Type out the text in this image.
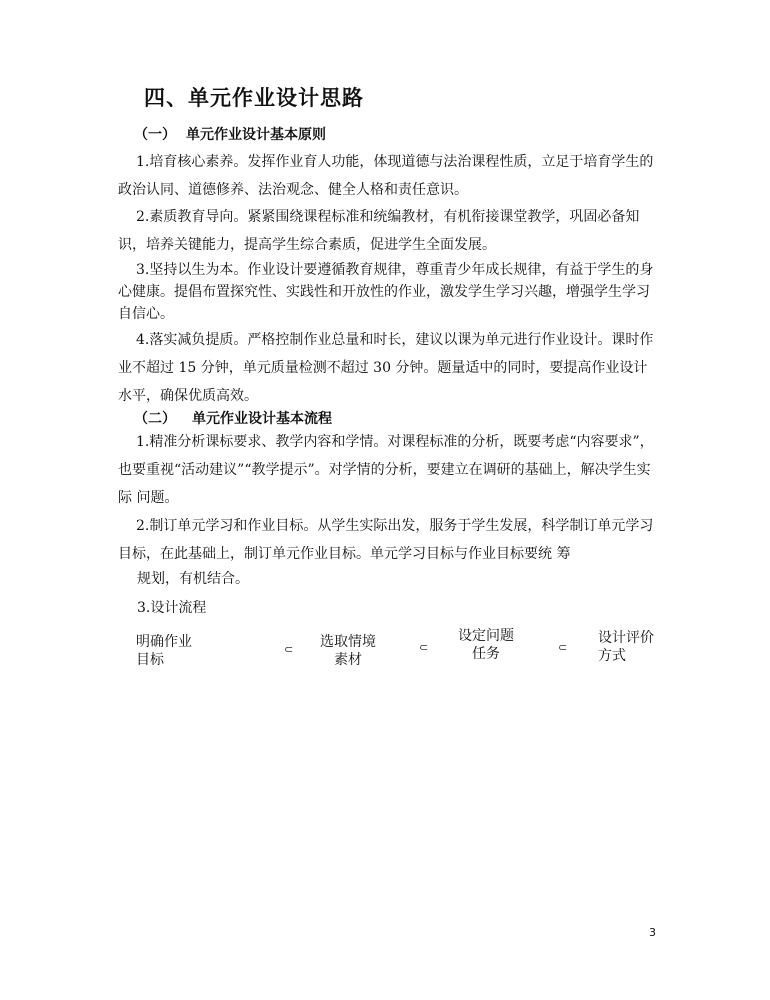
四、单元作业设计思路
（一） 单元作业设计基本原则

1.培育核心素养。发挥作业育人功能，体现道德与法治课程性质，立足于培育学生的政治认同、道德修养、法治观念、健全人格和责任意识。

2.素质教育导向。紧紧围绕课程标准和统编教材，有机衔接课堂教学，巩固必备知识，培养关键能力，提高学生综合素质，促进学生全面发展。

3.坚持以生为本。作业设计要遵循教育规律，尊重青少年成长规律，有益于学生的身心健康。提倡布置探究性、实践性和开放性的作业，激发学生学习兴趣，增强学生学习自信心。

4.落实减负提质。严格控制作业总量和时长，建议以课为单元进行作业设计。课时作业不超过 15 分钟，单元质量检测不超过 30 分钟。题量适中的同时，要提高作业设计水平，确保优质高效。

（二） 单元作业设计基本流程

1.精准分析课标要求、教学内容和学情。对课程标准的分析，既要考虑“内容要求”，也要重视“活动建议”“教学提示”。对学情的分析，要建立在调研的基础上，解决学生实际 问题。

2.制订单元学习和作业目标。从学生实际出发，服务于学生发展，科学制订单元学习目标，在此基础上，制订单元作业目标。单元学习目标与作业目标要统 筹

规划，有机结合。

3.设计流程

明确作业
目标
⊂ 选取情境
素材
⊂
设定问题
任务	⊂
设计评价
方式
3
